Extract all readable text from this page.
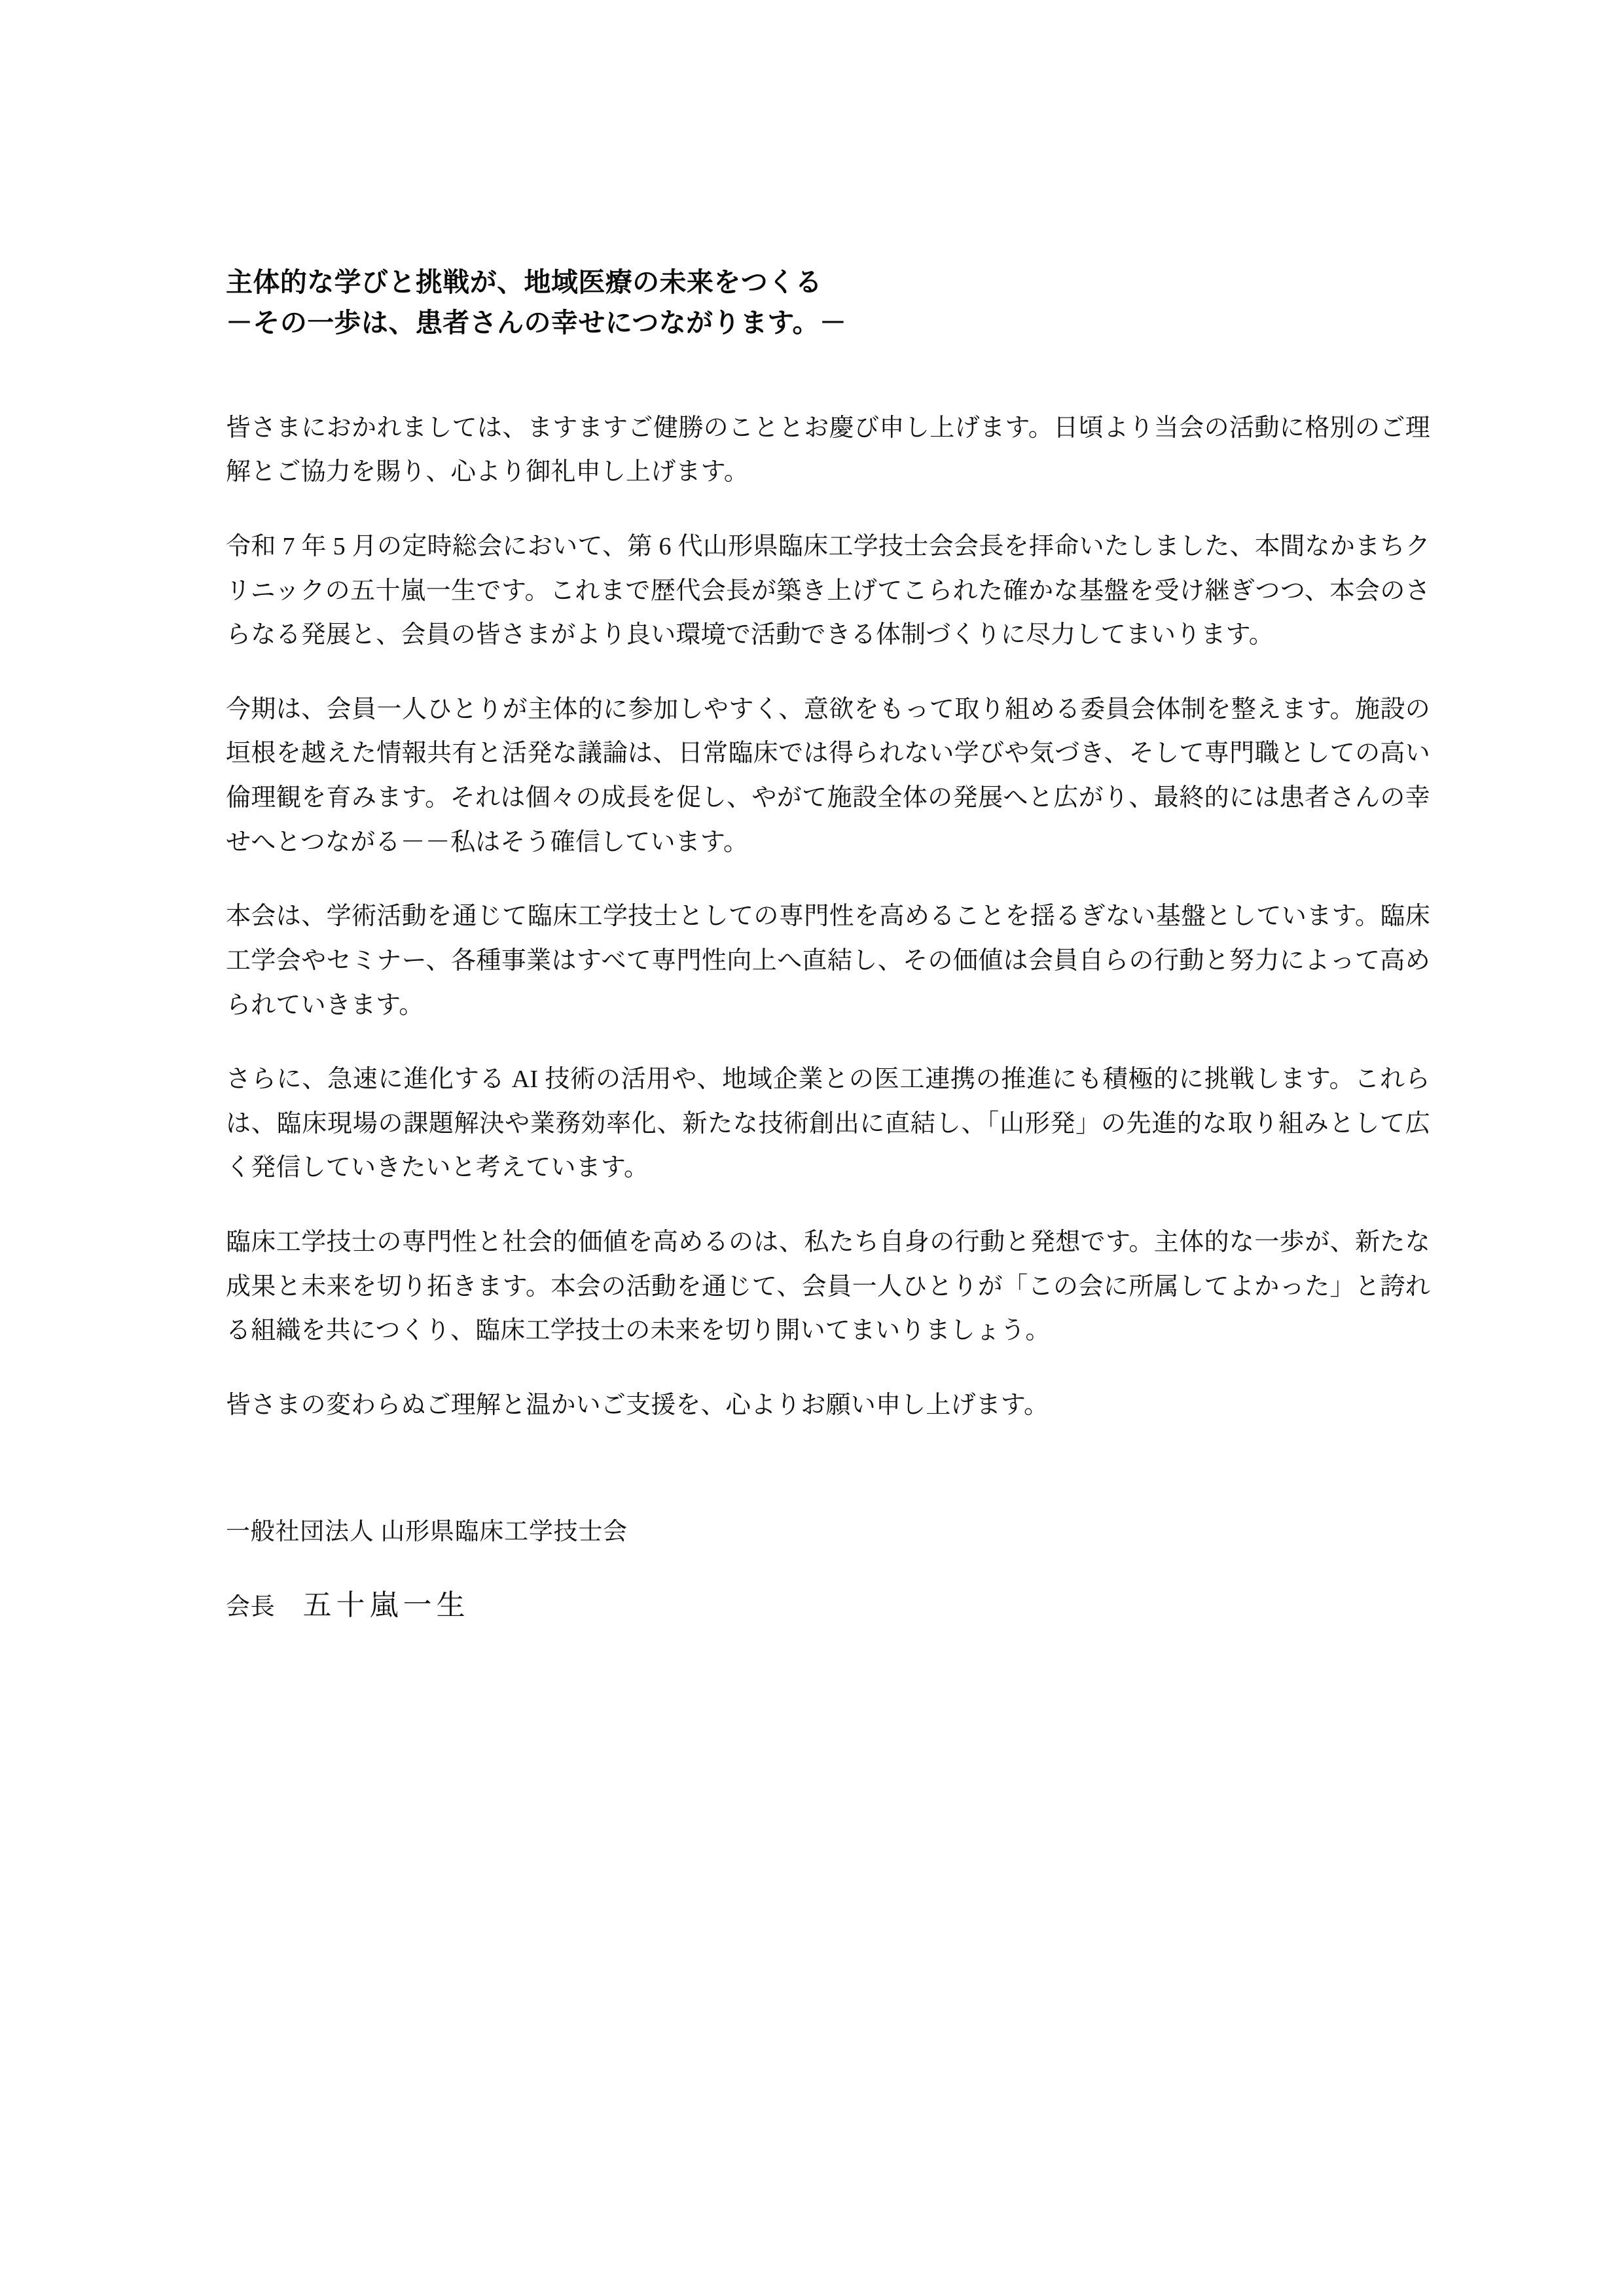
主体的な学びと挑戦が、地域医療の未来をつくる
－その一歩は、患者さんの幸せにつながります。－

皆さまにおかれましては、ますますご健勝のこととお慶び申し上げます。日頃より当会の活動に格別のご理解とご協力を賜り、心より御礼申し上げます。

令和 7 年 5 月の定時総会において、第 6 代山形県臨床工学技士会会長を拝命いたしました、本間なかまちクリニックの五十嵐一生です。これまで歴代会長が築き上げてこられた確かな基盤を受け継ぎつつ、本会のさらなる発展と、会員の皆さまがより良い環境で活動できる体制づくりに尽力してまいります。

今期は、会員一人ひとりが主体的に参加しやすく、意欲をもって取り組める委員会体制を整えます。施設の垣根を越えた情報共有と活発な議論は、日常臨床では得られない学びや気づき、そして専門職としての高い倫理観を育みます。それは個々の成長を促し、やがて施設全体の発展へと広がり、最終的には患者さんの幸せへとつながる－－私はそう確信しています。

本会は、学術活動を通じて臨床工学技士としての専門性を高めることを揺るぎない基盤としています。臨床工学会やセミナー、各種事業はすべて専門性向上へ直結し、その価値は会員自らの行動と努力によって高められていきます。

さらに、急速に進化する AI 技術の活用や、地域企業との医工連携の推進にも積極的に挑戦します。これらは、臨床現場の課題解決や業務効率化、新たな技術創出に直結し、「山形発」の先進的な取り組みとして広く発信していきたいと考えています。

臨床工学技士の専門性と社会的価値を高めるのは、私たち自身の行動と発想です。主体的な一歩が、新たな成果と未来を切り拓きます。本会の活動を通じて、会員一人ひとりが「この会に所属してよかった」と誇れる組織を共につくり、臨床工学技士の未来を切り開いてまいりましょう。

皆さまの変わらぬご理解と温かいご支援を、心よりお願い申し上げます。

一般社団法人 山形県臨床工学技士会
会長 五十嵐一生
